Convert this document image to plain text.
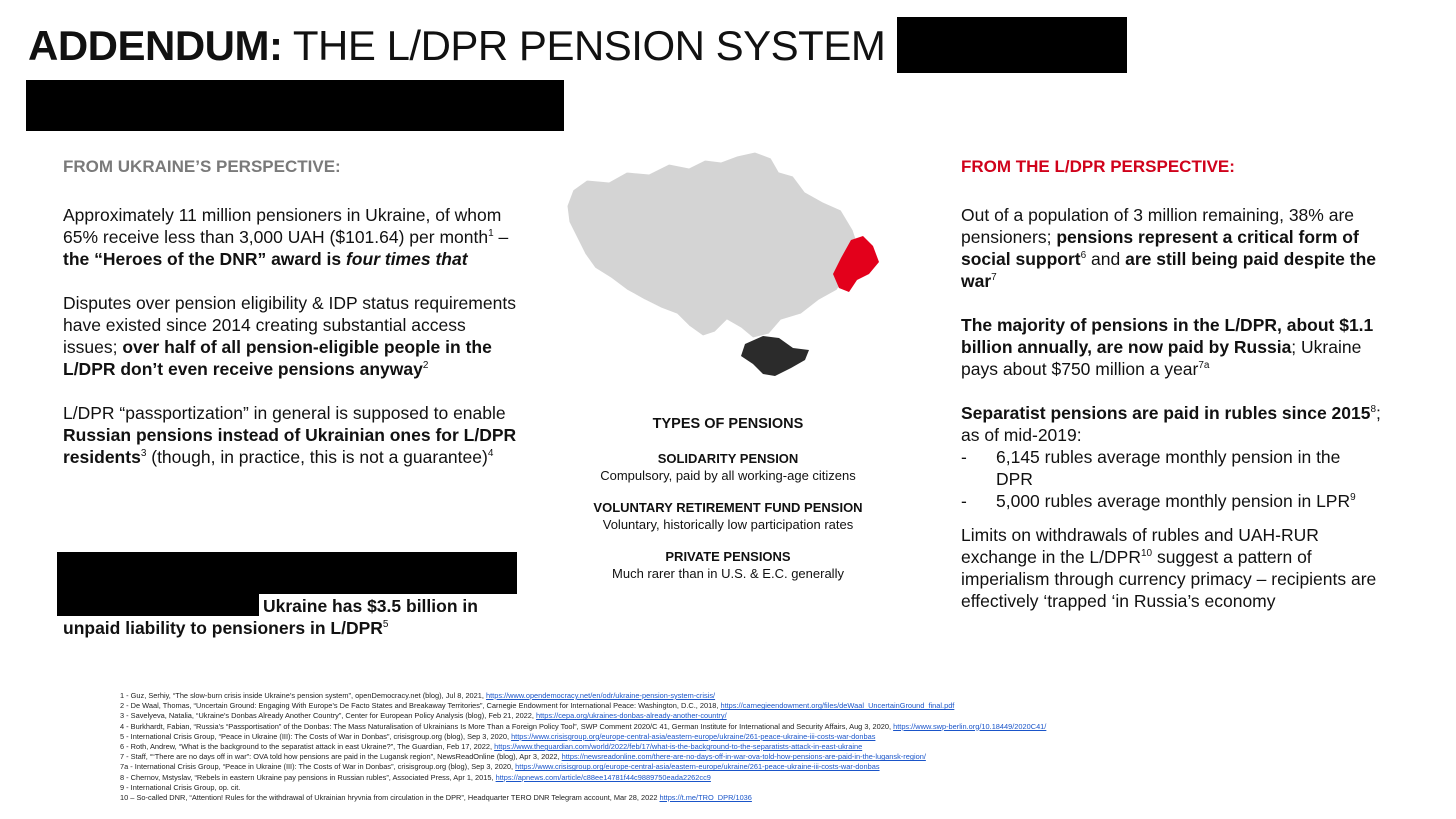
ADDENDUM: THE L/DPR PENSION SYSTEM
FROM UKRAINE’S PERSPECTIVE:

Approximately 11 million pensioners in Ukraine, of whom 65% receive less than 3,000 UAH ($101.64) per month$^1$ – the “Heroes of the DNR” award is four times that

Disputes over pension eligibility & IDP status requirements have existed since 2014 creating substantial access issues; over half of all pension-eligible people in the L/DPR don’t even receive pensions anyway$^2$

L/DPR “passportization” in general is supposed to enable Russian pensions instead of Ukrainian ones for L/DPR residents$^3$ (though, in practice, this is not a guarantee)$^4$

Ukraine has $3.5 billion in unpaid liability to pensioners in L/DPR$^5$
TYPES OF PENSIONS
SOLIDARITY PENSION
Compulsory, paid by all working-age citizens
VOLUNTARY RETIREMENT FUND PENSION
Voluntary, historically low participation rates
PRIVATE PENSIONS
Much rarer than in U.S. & E.C. generally
FROM THE L/DPR PERSPECTIVE:

Out of a population of 3 million remaining, 38% are pensioners; pensions represent a critical form of social support$^6$ and are still being paid despite the war$^7$

The majority of pensions in the L/DPR, about $1.1 billion annually, are now paid by Russia; Ukraine pays about $750 million a year$^{7a}$

Separatist pensions are paid in rubles since 2015$^8$; as of mid-2019:

-	6,145 rubles average monthly pension in the DPR
-	5,000 rubles average monthly pension in LPR$^9$

Limits on withdrawals of rubles and UAH-RUR exchange in the L/DPR$^{10}$ suggest a pattern of imperialism through currency primacy – recipients are effectively ‘trapped ‘in Russia’s economy

1 - Guz, Serhiy, “The slow-burn crisis inside Ukraine’s pension system”, openDemocracy.net (blog), Jul 8, 2021, https://www.opendemocracy.net/en/odr/ukraine-pension-system-crisis/
2 - De Waal, Thomas, “Uncertain Ground: Engaging With Europe’s De Facto States and Breakaway Territories”, Carnegie Endowment for International Peace: Washington, D.C., 2018, https://carnegieendowment.org/files/deWaal_UncertainGround_final.pdf
3 - Savelyeva, Natalia, “Ukraine’s Donbas Already Another Country”, Center for European Policy Analysis (blog), Feb 21, 2022, https://cepa.org/ukraines-donbas-already-another-country/
4 - Burkhardt, Fabian, “Russia’s “Passportisation” of the Donbas: The Mass Naturalisation of Ukrainians Is More Than a Foreign Policy Tool”, SWP Comment 2020/C 41, German Institute for International and Security Affairs, Aug 3, 2020, https://www.swp-berlin.org/10.18449/2020C41/
5 - International Crisis Group, “Peace in Ukraine (III): The Costs of War in Donbas”, crisisgroup.org (blog), Sep 3, 2020, https://www.crisisgroup.org/europe-central-asia/eastern-europe/ukraine/261-peace-ukraine-iii-costs-war-donbas
6 - Roth, Andrew, “What is the background to the separatist attack in east Ukraine?”, The Guardian, Feb 17, 2022, https://www.theguardian.com/world/2022/feb/17/what-is-the-background-to-the-separatists-attack-in-east-ukraine
7 - Staff, ““There are no days off in war”: OVA told how pensions are paid in the Lugansk region”, NewsReadOnline (blog), Apr 3, 2022, https://newsreadonline.com/there-are-no-days-off-in-war-ova-told-how-pensions-are-paid-in-the-lugansk-region/
7a - International Crisis Group, “Peace in Ukraine (III): The Costs of War in Donbas”, crisisgroup.org (blog), Sep 3, 2020, https://www.crisisgroup.org/europe-central-asia/eastern-europe/ukraine/261-peace-ukraine-iii-costs-war-donbas
8 - Chernov, Mstyslav, “Rebels in eastern Ukraine pay pensions in Russian rubles”, Associated Press, Apr 1, 2015, https://apnews.com/article/c88ee14781f44c9889750eada2262cc9
9 - International Crisis Group, op. cit.
10 – So-called DNR, “Attention! Rules for the withdrawal of Ukrainian hryvnia from circulation in the DPR”, Headquarter TERO DNR Telegram account, Mar 28, 2022 https://t.me/TRO_DPR/1036
